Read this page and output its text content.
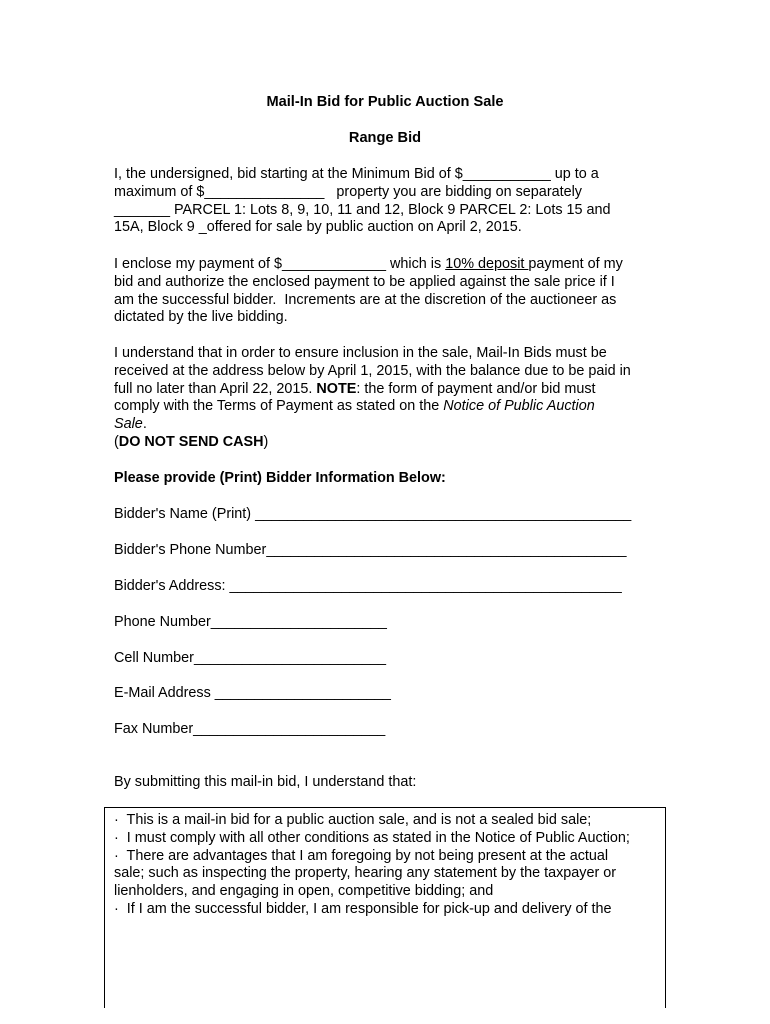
Mail-In Bid for Public Auction Sale
Range Bid
I, the undersigned, bid starting at the Minimum Bid of $___________ up to a
maximum of $_______________   property you are bidding on separately
_______ PARCEL 1: Lots 8, 9, 10, 11 and 12, Block 9 PARCEL 2: Lots 15 and
15A, Block 9 _offered for sale by public auction on April 2, 2015.
I enclose my payment of $_____________ which is 10% deposit payment of my
bid and authorize the enclosed payment to be applied against the sale price if I
am the successful bidder.  Increments are at the discretion of the auctioneer as
dictated by the live bidding.
I understand that in order to ensure inclusion in the sale, Mail-In Bids must be
received at the address below by April 1, 2015, with the balance due to be paid in
full no later than April 22, 2015. NOTE: the form of payment and/or bid must
comply with the Terms of Payment as stated on the Notice of Public Auction
Sale.
(DO NOT SEND CASH)
Please provide (Print) Bidder Information Below:
Bidder's Name (Print) _______________________________________________
Bidder's Phone Number_____________________________________________
Bidder's Address: _________________________________________________
Phone Number______________________
Cell Number________________________
E-Mail Address ______________________
Fax Number________________________
By submitting this mail-in bid, I understand that:
·  This is a mail-in bid for a public auction sale, and is not a sealed bid sale;
·  I must comply with all other conditions as stated in the Notice of Public Auction;
·  There are advantages that I am foregoing by not being present at the actual
sale; such as inspecting the property, hearing any statement by the taxpayer or
lienholders, and engaging in open, competitive bidding; and
·  If I am the successful bidder, I am responsible for pick-up and delivery of the
